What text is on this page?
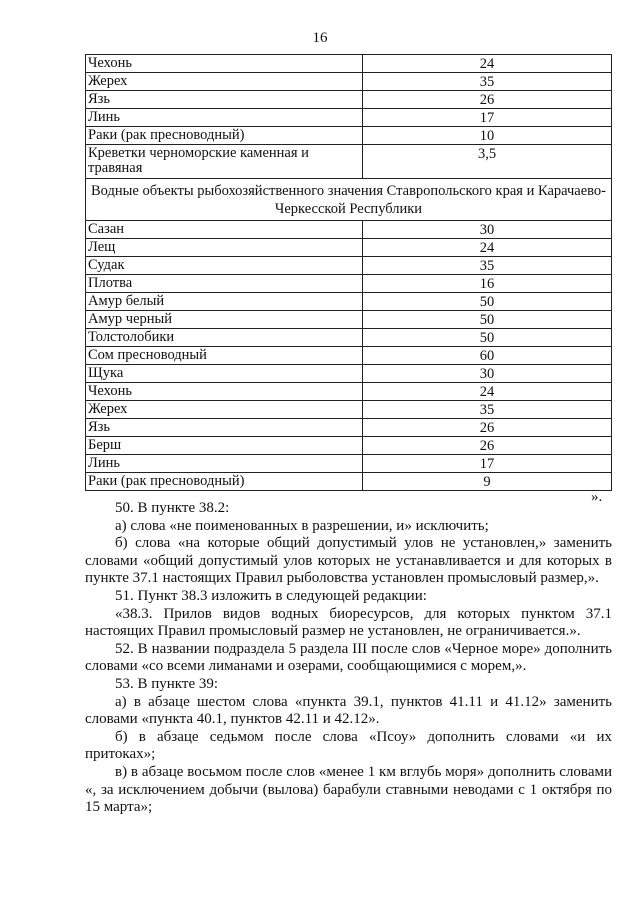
16
Чехонь	24
Жерех	35
Язь	26
Линь	17
Раки (рак пресноводный)	10
Креветки черноморские каменная и травяная	3,5
Водные объекты рыбохозяйственного значения Ставропольского края и Карачаево-Черкесской Республики	
Сазан	30
Лещ	24
Судак	35
Плотва	16
Амур белый	50
Амур черный	50
Толстолобики	50
Сом пресноводный	60
Щука	30
Чехонь	24
Жерех	35
Язь	26
Берш	26
Линь	17
Раки (рак пресноводный)	9
».

50. В пункте 38.2:

а) слова «не поименованных в разрешении, и» исключить;

б) слова «на которые общий допустимый улов не установлен,» заменить словами «общий допустимый улов которых не устанавливается и для которых в пункте 37.1 настоящих Правил рыболовства установлен промысловый размер,».

51. Пункт 38.3 изложить в следующей редакции:

«38.3. Прилов видов водных биоресурсов, для которых пунктом 37.1 настоящих Правил промысловый размер не установлен, не ограничивается.».

52. В названии подраздела 5 раздела III после слов «Черное море» дополнить словами «со всеми лиманами и озерами, сообщающимися с морем,».

53. В пункте 39:

а) в абзаце шестом слова «пункта 39.1, пунктов 41.11 и 41.12» заменить словами «пункта 40.1, пунктов 42.11 и 42.12».

б) в абзаце седьмом после слова «Псоу» дополнить словами «и их притоках»;

в) в абзаце восьмом после слов «менее 1 км вглубь моря» дополнить словами «, за исключением добычи (вылова) барабули ставными неводами с 1 октября по 15 марта»;
